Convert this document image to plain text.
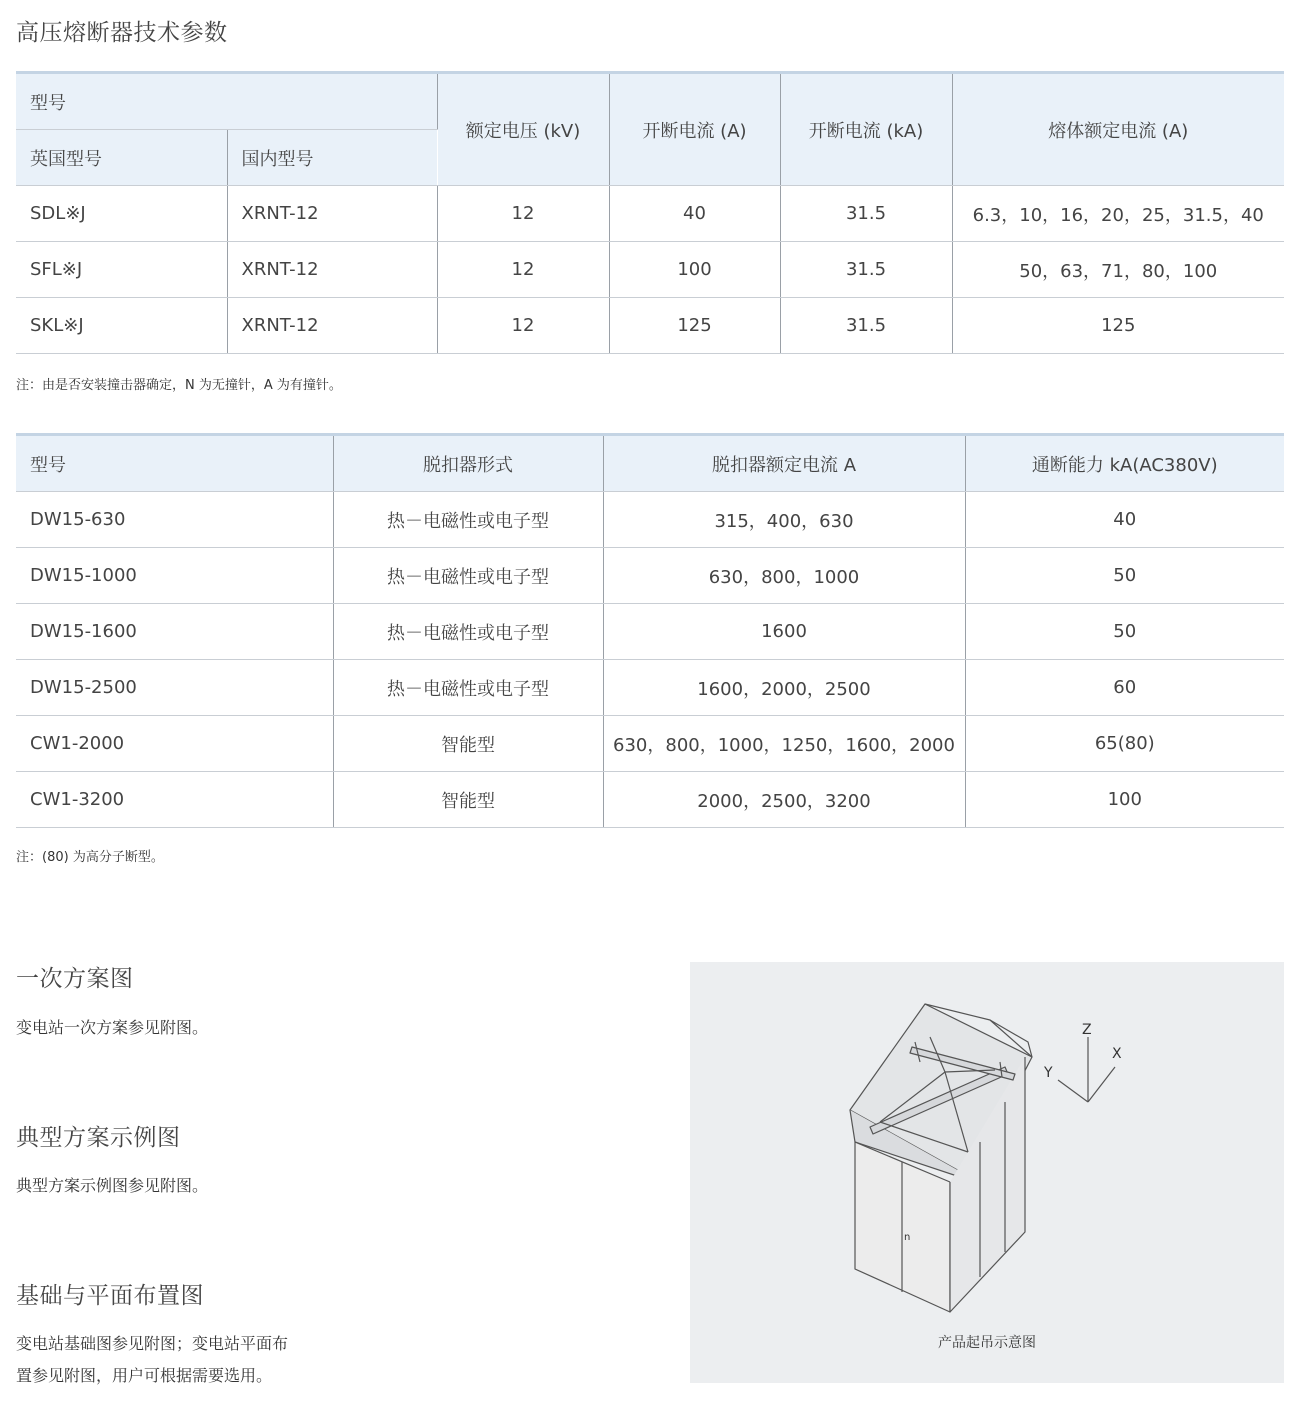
高压熔断器技术参数
型号		额定电压 (kV)	开断电流 (A)	开断电流 (kA)	熔体额定电流 (A)
英国型号	国内型号				
SDL※J	XRNT-12	12	40	31.5	6.3，10，16，20，25，31.5，40
SFL※J	XRNT-12	12	100	31.5	50，63，71，80，100
SKL※J	XRNT-12	12	125	31.5	125
注：由是否安装撞击器确定，N 为无撞针，A 为有撞针。
型号	脱扣器形式	脱扣器额定电流 A	通断能力 kA(AC380V)
DW15-630	热－电磁性或电子型	315，400，630	40
DW15-1000	热－电磁性或电子型	630，800，1000	50
DW15-1600	热－电磁性或电子型	1600	50
DW15-2500	热－电磁性或电子型	1600，2000，2500	60
CW1-2000	智能型	630，800，1000，1250，1600，2000	65(80)
CW1-3200	智能型	2000，2500，3200	100
注：(80) 为高分子断型。
一次方案图
变电站一次方案参见附图。
典型方案示例图
典型方案示例图参见附图。
基础与平面布置图
变电站基础图参见附图；变电站平面布
置参见附图，用户可根据需要选用。
Z
X
Y
n
产品起吊示意图
